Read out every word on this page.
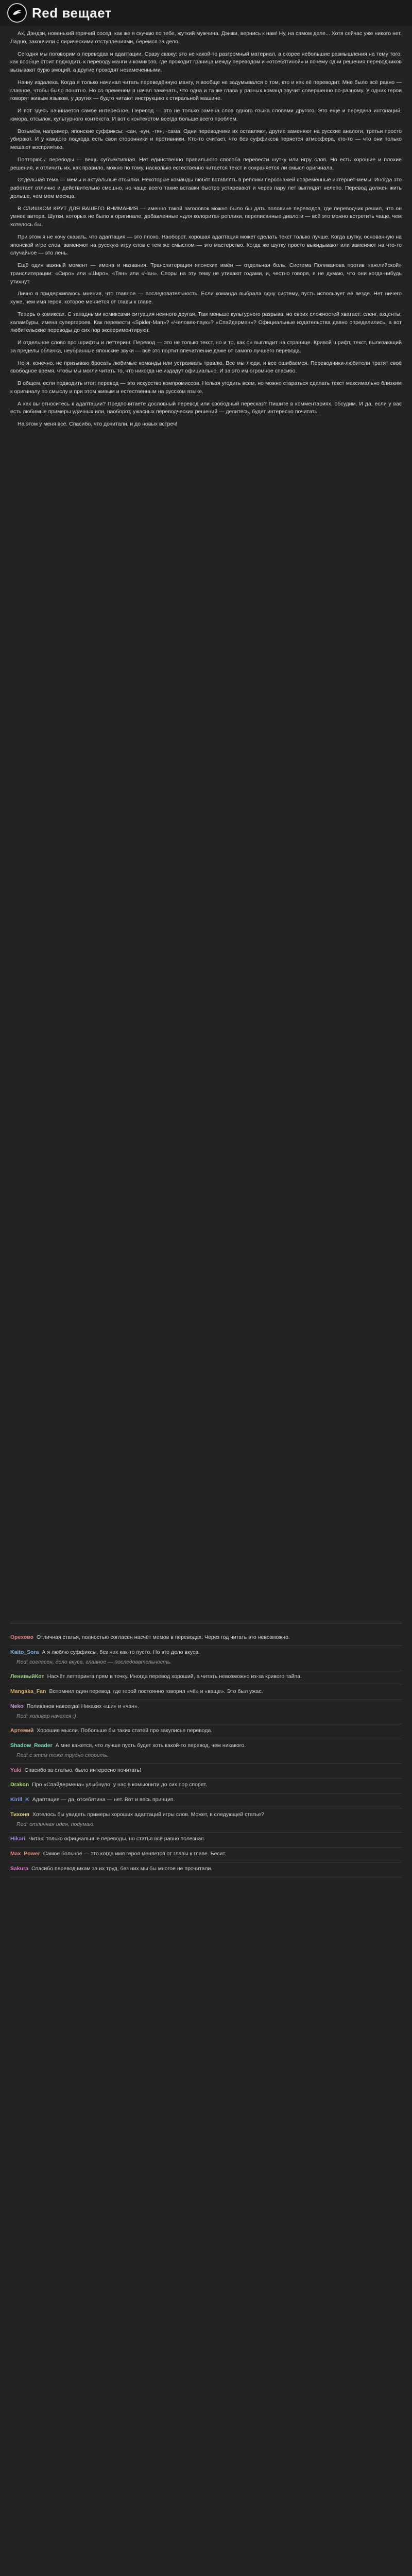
Red вещает

Ах, Дэндзи, новенький горячий сосед, как же я скучаю по тебе, жуткий мужчина. Дэнжи, вернись к нам! Ну, на самом деле... Хотя сейчас уже никого нет. Ладно, закончили с лирическими отступлениями, берёмся за дело.

Сегодня мы поговорим о переводах и адаптации. Сразу скажу: это не какой-то разгромный материал, а скорее небольшие размышления на тему того, как вообще стоит подходить к переводу манги и комиксов, где проходит граница между переводом и «отсебятиной» и почему одни решения переводчиков вызывают бурю эмоций, а другие проходят незамеченными.

Начну издалека. Когда я только начинал читать переведённую мангу, я вообще не задумывался о том, кто и как её переводит. Мне было всё равно — главное, чтобы было понятно. Но со временем я начал замечать, что одна и та же глава у разных команд звучит совершенно по-разному. У одних герои говорят живым языком, у других — будто читают инструкцию к стиральной машине.

И вот здесь начинается самое интересное. Перевод — это не только замена слов одного языка словами другого. Это ещё и передача интонаций, юмора, отсылок, культурного контекста. И вот с контекстом всегда больше всего проблем.

Возьмём, например, японские суффиксы: -сан, -кун, -тян, -сама. Одни переводчики их оставляют, другие заменяют на русские аналоги, третьи просто убирают. И у каждого подхода есть свои сторонники и противники. Кто-то считает, что без суффиксов теряется атмосфера, кто-то — что они только мешают восприятию.

Повторюсь: переводы — вещь субъективная. Нет единственно правильного способа перевести шутку или игру слов. Но есть хорошие и плохие решения, и отличить их, как правило, можно по тому, насколько естественно читается текст и сохраняется ли смысл оригинала.

Отдельная тема — мемы и актуальные отсылки. Некоторые команды любят вставлять в реплики персонажей современные интернет-мемы. Иногда это работает отлично и действительно смешно, но чаще всего такие вставки быстро устаревают и через пару лет выглядят нелепо. Перевод должен жить дольше, чем мем месяца.

В СЛИШКОМ КРУТ ДЛЯ ВАШЕГО ВНИМАНИЯ — именно такой заголовок можно было бы дать половине переводов, где переводчик решил, что он умнее автора. Шутки, которых не было в оригинале, добавленные «для колорита» реплики, переписанные диалоги — всё это можно встретить чаще, чем хотелось бы.

При этом я не хочу сказать, что адаптация — это плохо. Наоборот, хорошая адаптация может сделать текст только лучше. Когда шутку, основанную на японской игре слов, заменяют на русскую игру слов с тем же смыслом — это мастерство. Когда же шутку просто выкидывают или заменяют на что-то случайное — это лень.

Ещё один важный момент — имена и названия. Транслитерация японских имён — отдельная боль. Система Поливанова против «английской» транслитерации: «Сиро» или «Широ», «Тян» или «Чан». Споры на эту тему не утихают годами, и, честно говоря, я не думаю, что они когда-нибудь утихнут.

Лично я придерживаюсь мнения, что главное — последовательность. Если команда выбрала одну систему, пусть использует её везде. Нет ничего хуже, чем имя героя, которое меняется от главы к главе.

Теперь о комиксах. С западными комиксами ситуация немного другая. Там меньше культурного разрыва, но своих сложностей хватает: сленг, акценты, каламбуры, имена супергероев. Как перевести «Spider-Man»? «Человек-паук»? «Спайдермен»? Официальные издательства давно определились, а вот любительские переводы до сих пор экспериментируют.

И отдельное слово про шрифты и леттеринг. Перевод — это не только текст, но и то, как он выглядит на странице. Кривой шрифт, текст, вылезающий за пределы облачка, неубранные японские звуки — всё это портит впечатление даже от самого лучшего перевода.

Но я, конечно, не призываю бросать любимые команды или устраивать травлю. Все мы люди, и все ошибаемся. Переводчики-любители тратят своё свободное время, чтобы мы могли читать то, что никогда не издадут официально. И за это им огромное спасибо.

В общем, если подводить итог: перевод — это искусство компромиссов. Нельзя угодить всем, но можно стараться сделать текст максимально близким к оригиналу по смыслу и при этом живым и естественным на русском языке.

А как вы относитесь к адаптации? Предпочитаете дословный перевод или свободный пересказ? Пишите в комментариях, обсудим. И да, если у вас есть любимые примеры удачных или, наоборот, ужасных переводческих решений — делитесь, будет интересно почитать.

На этом у меня всё. Спасибо, что дочитали, и до новых встреч!

Орехово Отличная статья, полностью согласен насчёт мемов в переводах. Через год читать это невозможно.
Kaito_Sora А я люблю суффиксы, без них как-то пусто. Но это дело вкуса.
Red: согласен, дело вкуса, главное — последовательность.
ЛенивыйКот Насчёт леттеринга прям в точку. Иногда перевод хороший, а читать невозможно из-за кривого тайпа.
Mangaka_Fan Вспомнил один перевод, где герой постоянно говорил «чё» и «ваще». Это был ужас.
Neko Поливанов навсегда! Никаких «ши» и «чан».
Red: холивар начался :)
Артемий Хорошие мысли. Побольше бы таких статей про закулисье перевода.
Shadow_Reader А мне кажется, что лучше пусть будет хоть какой-то перевод, чем никакого.
Red: с этим тоже трудно спорить.
Yuki Спасибо за статью, было интересно почитать!
Drakon Про «Спайдермена» улыбнуло, у нас в комьюнити до сих пор спорят.
Kirill_K Адаптация — да, отсебятина — нет. Вот и весь принцип.
Тихоня Хотелось бы увидеть примеры хороших адаптаций игры слов. Может, в следующей статье?
Red: отличная идея, подумаю.
Hikari Читаю только официальные переводы, но статья всё равно полезная.
Max_Power Самое больное — это когда имя героя меняется от главы к главе. Бесит.
Sakura Спасибо переводчикам за их труд, без них мы бы многое не прочитали.
